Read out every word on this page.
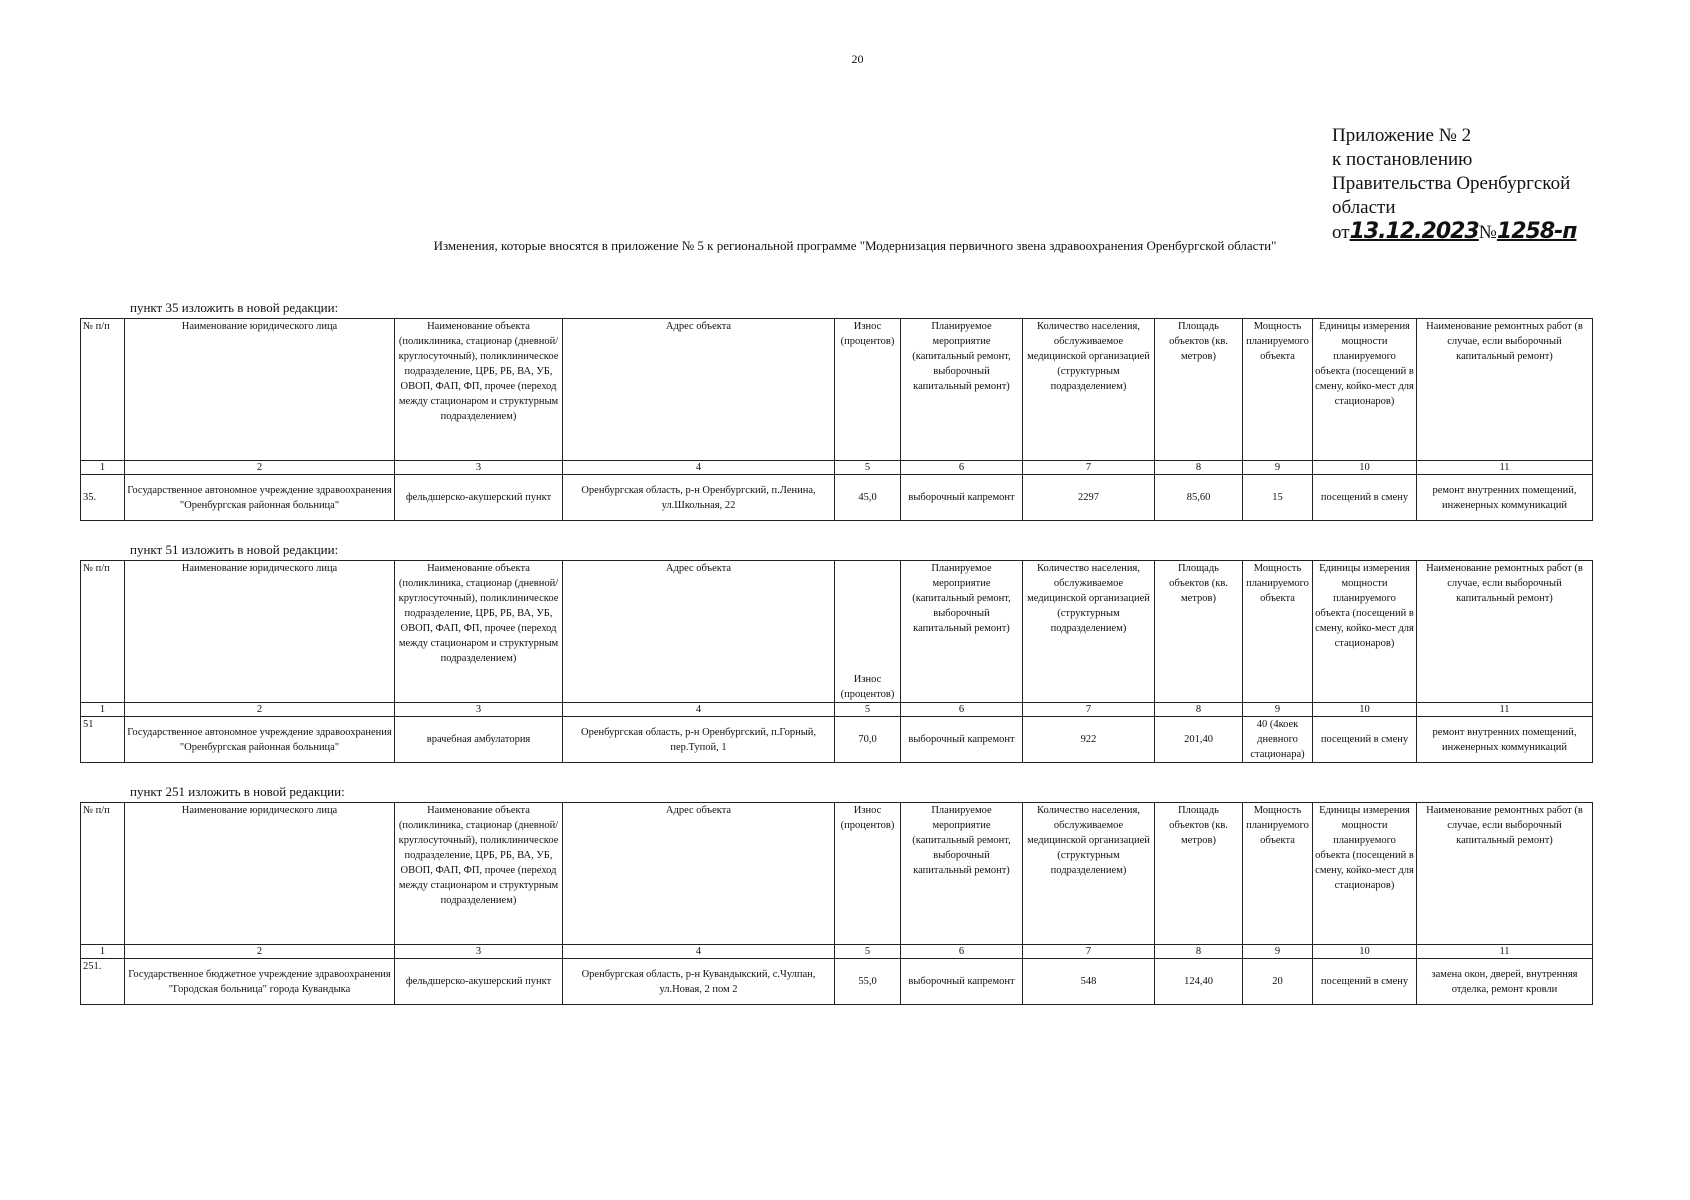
20
Приложение № 2
к постановлению
Правительства Оренбургской
области
от 13.12.2023 № 1258-п
Изменения, которые вносятся в приложение № 5 к региональной программе "Модернизация первичного звена здравоохранения Оренбургской области"
пункт 35 изложить в новой редакции:
№ п/п	Наименование юридического лица	Наименование объекта (поликлиника, стационар (дневной/круглосуточный), поликлиническое подразделение, ЦРБ, РБ, ВА, УБ, ОВОП, ФАП, ФП, прочее (переход между стационаром и структурным подразделением)	Адрес объекта	Износ (процентов)	Планируемое мероприятие (капитальный ремонт, выборочный капитальный ремонт)	Количество населения, обслуживаемое медицинской организацией (структурным подразделением)	Площадь объектов (кв. метров)	Мощность планируемого объекта	Единицы измерения мощности планируемого объекта (посещений в смену, койко-мест для стационаров)	Наименование ремонтных работ (в случае, если выборочный капитальный ремонт)
1	2	3	4	5	6	7	8	9	10	11
35.	Государственное автономное учреждение здравоохранения "Оренбургская районная больница"	фельдшерско-акушерский пункт	Оренбургская область, р-н Оренбургский, п.Ленина, ул.Школьная, 22	45,0	выборочный капремонт	2297	85,60	15	посещений в смену	ремонт внутренних помещений, инженерных коммуникаций
пункт 51 изложить в новой редакции:
№ п/п	Наименование юридического лица	Наименование объекта (поликлиника, стационар (дневной/круглосуточный), поликлиническое подразделение, ЦРБ, РБ, ВА, УБ, ОВОП, ФАП, ФП, прочее (переход между стационаром и структурным подразделением)	Адрес объекта	Износ (процентов)	Планируемое мероприятие (капитальный ремонт, выборочный капитальный ремонт)	Количество населения, обслуживаемое медицинской организацией (структурным подразделением)	Площадь объектов (кв. метров)	Мощность планируемого объекта	Единицы измерения мощности планируемого объекта (посещений в смену, койко-мест для стационаров)	Наименование ремонтных работ (в случае, если выборочный капитальный ремонт)
1	2	3	4	5	6	7	8	9	10	11
51	Государственное автономное учреждение здравоохранения "Оренбургская районная больница"	врачебная амбулатория	Оренбургская область, р-н Оренбургский, п.Горный, пер.Тупой, 1	70,0	выборочный капремонт	922	201,40	40 (4коек дневного стационара)	посещений в смену	ремонт внутренних помещений, инженерных коммуникаций
пункт 251 изложить в новой редакции:
№ п/п	Наименование юридического лица	Наименование объекта (поликлиника, стационар (дневной/круглосуточный), поликлиническое подразделение, ЦРБ, РБ, ВА, УБ, ОВОП, ФАП, ФП, прочее (переход между стационаром и структурным подразделением)	Адрес объекта	Износ (процентов)	Планируемое мероприятие (капитальный ремонт, выборочный капитальный ремонт)	Количество населения, обслуживаемое медицинской организацией (структурным подразделением)	Площадь объектов (кв. метров)	Мощность планируемого объекта	Единицы измерения мощности планируемого объекта (посещений в смену, койко-мест для стационаров)	Наименование ремонтных работ (в случае, если выборочный капитальный ремонт)
1	2	3	4	5	6	7	8	9	10	11
251.	Государственное бюджетное учреждение здравоохранения "Городская больница" города Кувандыка	фельдшерско-акушерский пункт	Оренбургская область, р-н Кувандыкский, с.Чулпан, ул.Новая, 2 пом 2	55,0	выборочный капремонт	548	124,40	20	посещений в смену	замена окон, дверей, внутренняя отделка, ремонт кровли
